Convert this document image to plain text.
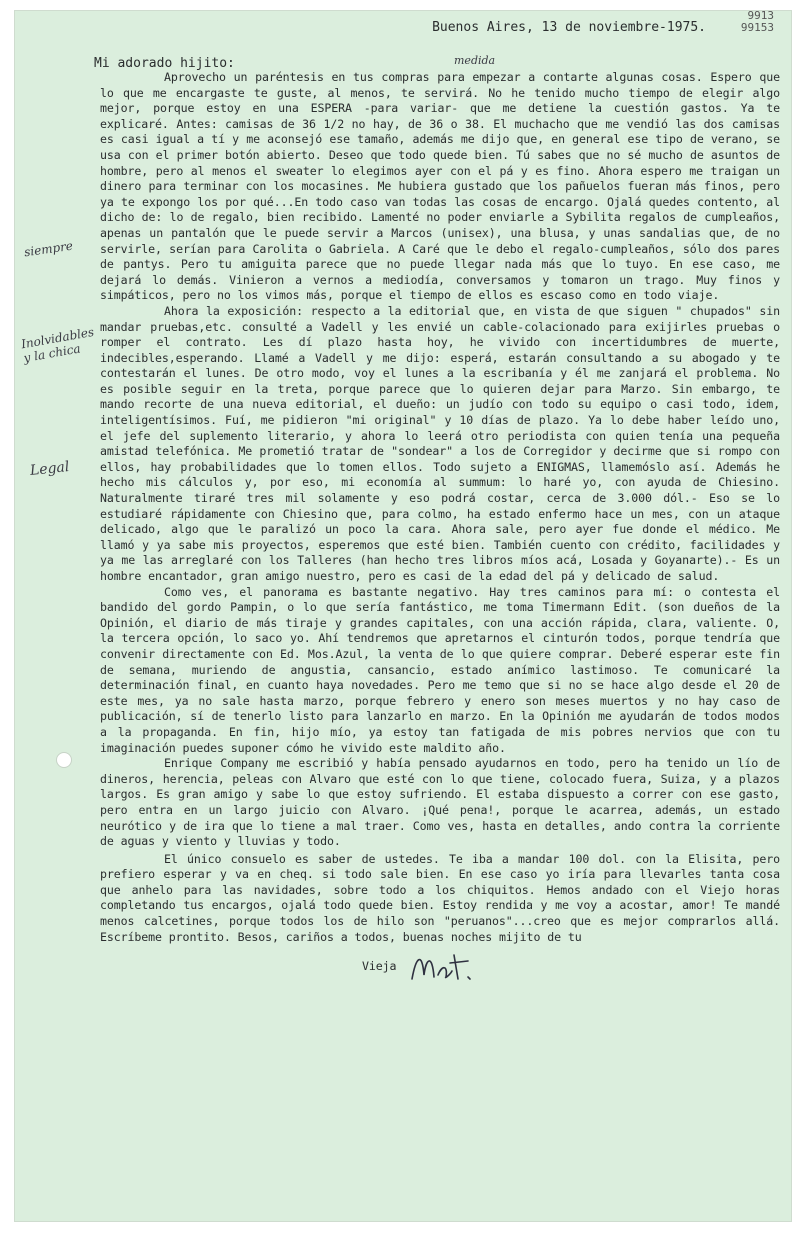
9913
99153
Buenos Aires, 13 de noviembre-1975.
Mi adorado hijito:	medida

Aprovecho un paréntesis en tus compras para empezar a contarte algunas cosas. Espero que lo que me encargaste te guste, al menos, te servirá. No he tenido mucho tiempo de elegir algo mejor, porque estoy en una ESPERA -para variar- que me detiene la cuestión gastos. Ya te explicaré. Antes: camisas de 36 1/2 no hay, de 36 o 38. El muchacho que me vendió las dos camisas es casi igual a tí y me aconsejó ese tamaño, además me dijo que, en general ese tipo de verano, se usa con el primer botón abierto. Deseo que todo quede bien. Tú sabes que no sé mucho de asuntos de hombre, pero al menos el sweater lo elegimos ayer con el pá y es fino. Ahora espero me traigan un dinero para terminar con los mocasines. Me hubiera gustado que los pañuelos fueran más finos, pero ya te expongo los por qué...En todo caso van todas las cosas de encargo. Ojalá quedes contento, al dicho de: lo de regalo, bien recibido. Lamenté no poder enviarle a Sybilita regalos de cumpleaños, apenas un pantalón que le puede servir a Marcos (unisex), una blusa, y unas sandalias que, de no servirle, serían para Carolita o Gabriela. A Caré que le debo el regalo-cumpleaños, sólo dos pares de pantys. Pero tu amiguita parece que no puede llegar nada más que lo tuyo. En ese caso, me dejará lo demás. Vinieron a vernos a mediodía, conversamos y tomaron un trago. Muy finos y simpáticos, pero no los vimos más, porque el tiempo de ellos es escaso como en todo viaje.

Ahora la exposición: respecto a la editorial que, en vista de que siguen " chupados" sin mandar pruebas,etc. consulté a Vadell y les envié un cable-colacionado para exijirles pruebas o romper el contrato. Les dí plazo hasta hoy, he vivido con incertidumbres de muerte, indecibles,esperando. Llamé a Vadell y me dijo: esperá, estarán consultando a su abogado y te contestarán el lunes. De otro modo, voy el lunes a la escribanía y él me zanjará el problema. No es posible seguir en la treta, porque parece que lo quieren dejar para Marzo. Sin embargo, te mando recorte de una nueva editorial, el dueño: un judío con todo su equipo o casi todo, idem, inteligentísimos. Fuí, me pidieron "mi original" y 10 días de plazo. Ya lo debe haber leído uno, el jefe del suplemento literario, y ahora lo leerá otro periodista con quien tenía una pequeña amistad telefónica. Me prometió tratar de "sondear" a los de Corregidor y decirme que si rompo con ellos, hay probabilidades que lo tomen ellos. Todo sujeto a ENIGMAS, llamemóslo así. Además he hecho mis cálculos y, por eso, mi economía al summum: lo haré yo, con ayuda de Chiesino. Naturalmente tiraré tres mil solamente y eso podrá costar, cerca de 3.000 dól.- Eso se lo estudiaré rápidamente con Chiesino que, para colmo, ha estado enfermo hace un mes, con un ataque delicado, algo que le paralizó un poco la cara. Ahora sale, pero ayer fue donde el médico. Me llamó y ya sabe mis proyectos, esperemos que esté bien. También cuento con crédito, facilidades y ya me las arreglaré con los Talleres (han hecho tres libros míos acá, Losada y Goyanarte).- Es un hombre encantador, gran amigo nuestro, pero es casi de la edad del pá y delicado de salud.

Como ves, el panorama es bastante negativo. Hay tres caminos para mí: o contesta el bandido del gordo Pampin, o lo que sería fantástico, me toma Timermann Edit. (son dueños de la Opinión, el diario de más tiraje y grandes capitales, con una acción rápida, clara, valiente. O, la tercera opción, lo saco yo. Ahí tendremos que apretarnos el cinturón todos, porque tendría que convenir directamente con Ed. Mos.Azul, la venta de lo que quiere comprar. Deberé esperar este fin de semana, muriendo de angustia, cansancio, estado anímico lastimoso. Te comunicaré la determinación final, en cuanto haya novedades. Pero me temo que si no se hace algo desde el 20 de este mes, ya no sale hasta marzo, porque febrero y enero son meses muertos y no hay caso de publicación, sí de tenerlo listo para lanzarlo en marzo. En la Opinión me ayudarán de todos modos a la propaganda. En fin, hijo mío, ya estoy tan fatigada de mis pobres nervios que con tu imaginación puedes suponer cómo he vivido este maldito año.

Enrique Company me escribió y había pensado ayudarnos en todo, pero ha tenido un lío de dineros, herencia, peleas con Alvaro que esté con lo que tiene, colocado fuera, Suiza, y a plazos largos. Es gran amigo y sabe lo que estoy sufriendo. El estaba dispuesto a correr con ese gasto, pero entra en un largo juicio con Alvaro. ¡Qué pena!, porque le acarrea, además, un estado neurótico y de ira que lo tiene a mal traer. Como ves, hasta en detalles, ando contra la corriente de aguas y viento y lluvias y todo.

El único consuelo es saber de ustedes. Te iba a mandar 100 dol. con la Elisita, pero prefiero esperar y va en cheq. si todo sale bien. En ese caso yo iría para llevarles tanta cosa que anhelo para las navidades, sobre todo a los chiquitos. Hemos andado con el Viejo horas completando tus encargos, ojalá todo quede bien. Estoy rendida y me voy a acostar, amor! Te mandé menos calcetines, porque todos los de hilo son "peruanos"...creo que es mejor comprarlos allá. Escríbeme prontito. Besos, cariños a todos, buenas noches mijito de tu

Vieja
siempre
Inolvidables y la chica
Legal
